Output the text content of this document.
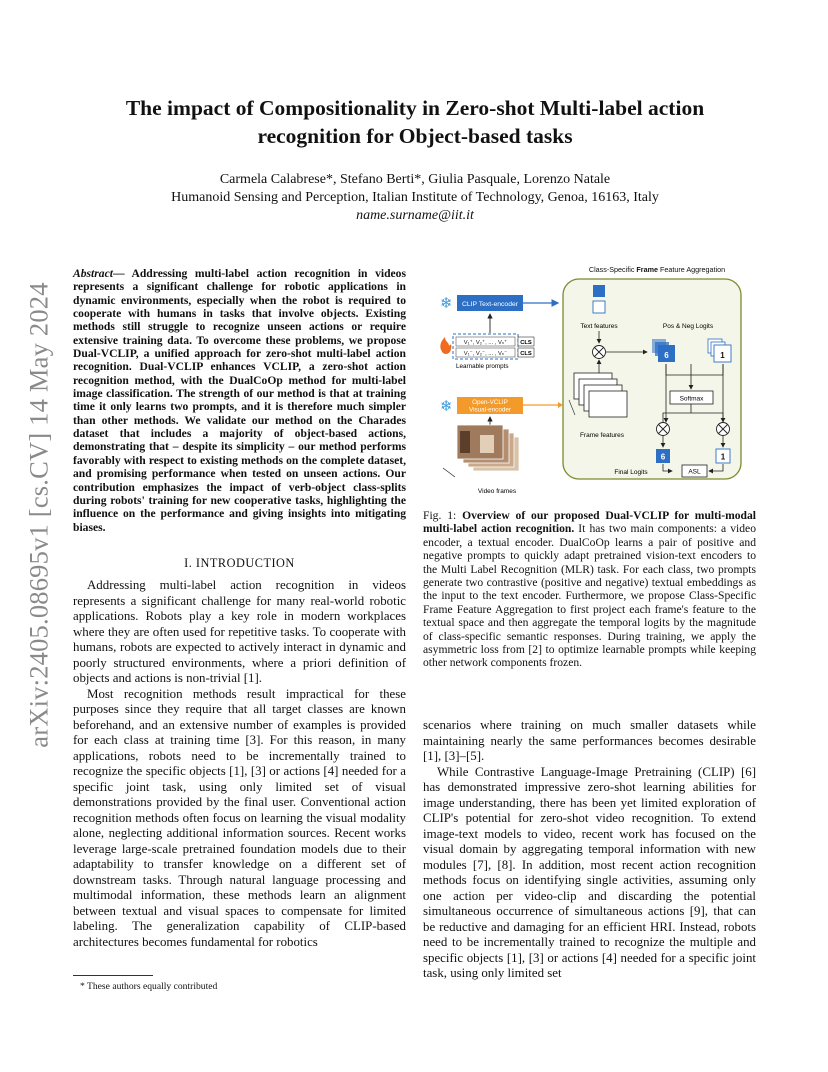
arXiv:2405.08695v1 [cs.CV] 14 May 2024
The impact of Compositionality in Zero-shot Multi-label action recognition for Object-based tasks
Carmela Calabrese*, Stefano Berti*, Giulia Pasquale, Lorenzo Natale
Humanoid Sensing and Perception, Italian Institute of Technology, Genoa, 16163, Italy
name.surname@iit.it
Abstract— Addressing multi-label action recognition in videos represents a significant challenge for robotic applications in dynamic environments, especially when the robot is required to cooperate with humans in tasks that involve objects. Existing methods still struggle to recognize unseen actions or require extensive training data. To overcome these problems, we propose Dual-VCLIP, a unified approach for zero-shot multi-label action recognition. Dual-VCLIP enhances VCLIP, a zero-shot action recognition method, with the DualCoOp method for multi-label image classification. The strength of our method is that at training time it only learns two prompts, and it is therefore much simpler than other methods. We validate our method on the Charades dataset that includes a majority of object-based actions, demonstrating that – despite its simplicity – our method performs favorably with respect to existing methods on the complete dataset, and promising performance when tested on unseen actions. Our contribution emphasizes the impact of verb-object class-splits during robots' training for new cooperative tasks, highlighting the influence on the performance and giving insights into mitigating biases.
I. INTRODUCTION

Addressing multi-label action recognition in videos represents a significant challenge for many real-world robotic applications. Robots play a key role in modern workplaces where they are often used for repetitive tasks. To cooperate with humans, robots are expected to actively interact in dynamic and poorly structured environments, where a priori definition of objects and actions is non-trivial [1].

Most recognition methods result impractical for these purposes since they require that all target classes are known beforehand, and an extensive number of examples is provided for each class at training time [3]. For this reason, in many applications, robots need to be incrementally trained to recognize the specific objects [1], [3] or actions [4] needed for a specific joint task, using only limited set of visual demonstrations provided by the final user. Conventional action recognition methods often focus on learning the visual modality alone, neglecting additional information sources. Recent works leverage large-scale pretrained foundation models due to their adaptability to transfer knowledge on a different set of downstream tasks. Through natural language processing and multimodal information, these methods learn an alignment between textual and visual spaces to compensate for limited labeling. The generalization capability of CLIP-based architectures becomes fundamental for robotics

* These authors equally contributed
Class-Specific Frame Feature Aggregation
❄
❄
CLIP Text-encoder
V₁⁺, V₂⁺, ... , Vₙ⁺
V₁⁻, V₂⁻, ... , Vₙ⁻
CLS
CLS
Learnable prompts
Open-VCLIP
Visual-encoder
Video frames
Text features
Frame features
Pos & Neg Logits
6	1
Softmax
6	1
Final Logits	ASL
Fig. 1: Overview of our proposed Dual-VCLIP for multi-modal multi-label action recognition. It has two main components: a video encoder, a textual encoder. DualCoOp learns a pair of positive and negative prompts to quickly adapt pretrained vision-text encoders to the Multi Label Recognition (MLR) task. For each class, two prompts generate two contrastive (positive and negative) textual embeddings as the input to the text encoder. Furthermore, we propose Class-Specific Frame Feature Aggregation to first project each frame's feature to the textual space and then aggregate the temporal logits by the magnitude of class-specific semantic responses. During training, we apply the asymmetric loss from [2] to optimize learnable prompts while keeping other network components frozen.

scenarios where training on much smaller datasets while maintaining nearly the same performances becomes desirable [1], [3]–[5].

While Contrastive Language-Image Pretraining (CLIP) [6] has demonstrated impressive zero-shot learning abilities for image understanding, there has been yet limited exploration of CLIP's potential for zero-shot video recognition. To extend image-text models to video, recent work has focused on the visual domain by aggregating temporal information with new modules [7], [8]. In addition, most recent action recognition methods focus on identifying single activities, assuming only one action per video-clip and discarding the potential simultaneous occurrence of simultaneous actions [9], that can be reductive and damaging for an efficient HRI. Instead, robots need to be incrementally trained to recognize the multiple and specific objects [1], [3] or actions [4] needed for a specific joint task, using only limited set
